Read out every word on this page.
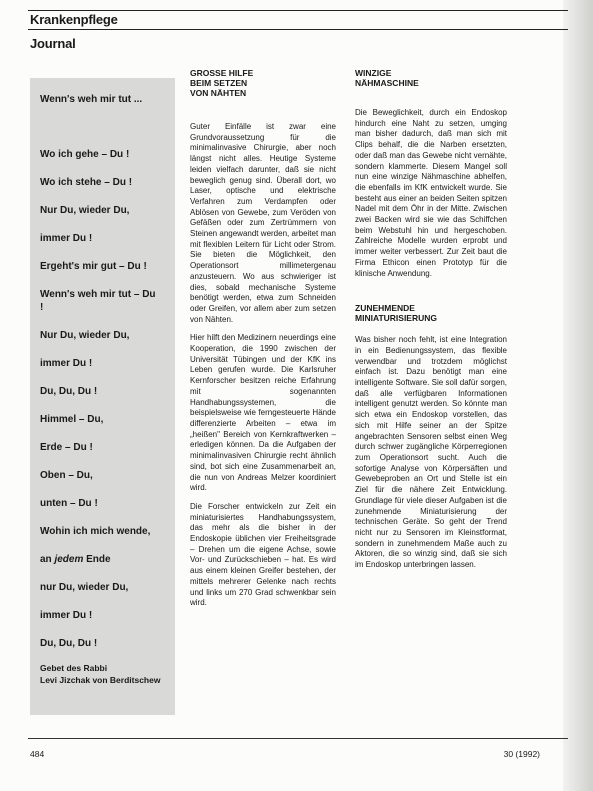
Krankenpflege
Journal
Wenn's weh mir tut ...
Wo ich gehe – Du !
Wo ich stehe – Du !
Nur Du, wieder Du,
immer Du !
Ergeht's mir gut – Du !
Wenn's weh mir tut – Du !
Nur Du, wieder Du,
immer Du !
Du, Du, Du !
Himmel – Du,
Erde – Du !
Oben – Du,
unten – Du !
Wohin ich mich wende,
an jedem Ende
nur Du, wieder Du,
immer Du !
Du, Du, Du !
Gebet des Rabbi
Levi Jizchak von Berditschew
GROSSE HILFE
BEIM SETZEN
VON NÄHTEN

Guter Einfälle ist zwar eine Grundvoraussetzung für die minimalinvasive Chirurgie, aber noch längst nicht alles. Heutige Systeme leiden vielfach darunter, daß sie nicht beweglich genug sind. Überall dort, wo Laser, optische und elektrische Verfahren zum Verdampfen oder Ablösen von Gewebe, zum Veröden von Gefäßen oder zum Zertrümmern von Steinen angewandt werden, arbeitet man mit flexiblen Leitern für Licht oder Strom. Sie bieten die Möglichkeit, den Operationsort millimetergenau anzusteuern. Wo aus schwieriger ist dies, sobald mechanische Systeme benötigt werden, etwa zum Schneiden oder Greifen, vor allem aber zum setzen von Nähten.

Hier hilft den Medizinern neuerdings eine Kooperation, die 1990 zwischen der Universität Tübingen und der KfK ins Leben gerufen wurde. Die Karlsruher Kernforscher besitzen reiche Erfahrung mit sogenannten Handhabungssystemen, die beispielsweise wie ferngesteuerte Hände differenzierte Arbeiten – etwa im „heißen" Bereich von Kernkraftwerken – erledigen können. Da die Aufgaben der minimalinvasiven Chirurgie recht ähnlich sind, bot sich eine Zusammenarbeit an, die nun von Andreas Melzer koordiniert wird.

Die Forscher entwickeln zur Zeit ein miniaturisiertes Handhabungssystem, das mehr als die bisher in der Endoskopie üblichen vier Freiheitsgrade – Drehen um die eigene Achse, sowie Vor- und Zurückschieben – hat. Es wird aus einem kleinen Greifer bestehen, der mittels mehrerer Gelenke nach rechts und links um 270 Grad schwenkbar sein wird.

WINZIGE
NÄHMASCHINE

Die Beweglichkeit, durch ein Endoskop hindurch eine Naht zu setzen, umging man bisher dadurch, daß man sich mit Clips behalf, die die Narben ersetzten, oder daß man das Gewebe nicht vernähte, sondern klammerte. Diesem Mangel soll nun eine winzige Nähmaschine abhelfen, die ebenfalls im KfK entwickelt wurde. Sie besteht aus einer an beiden Seiten spitzen Nadel mit dem Öhr in der Mitte. Zwischen zwei Backen wird sie wie das Schiffchen beim Webstuhl hin und hergeschoben. Zahlreiche Modelle wurden erprobt und immer weiter verbessert. Zur Zeit baut die Firma Ethicon einen Prototyp für die klinische Anwendung.

ZUNEHMENDE
MINIATURISIERUNG

Was bisher noch fehlt, ist eine Integration in ein Bedienungssystem, das flexible verwendbar und trotzdem möglichst einfach ist. Dazu benötigt man eine intelligente Software. Sie soll dafür sorgen, daß alle verfügbaren Informationen intelligent genutzt werden. So könnte man sich etwa ein Endoskop vorstellen, das sich mit Hilfe seiner an der Spitze angebrachten Sensoren selbst einen Weg durch schwer zugängliche Körperregionen zum Operationsort sucht. Auch die sofortige Analyse von Körpersäften und Gewebeproben an Ort und Stelle ist ein Ziel für die nähere Zeit Entwicklung. Grundlage für viele dieser Aufgaben ist die zunehmende Miniaturisierung der technischen Geräte. So geht der Trend nicht nur zu Sensoren im Kleinstformat, sondern in zunehmendem Maße auch zu Aktoren, die so winzig sind, daß sie sich im Endoskop unterbringen lassen.

484	30 (1992)
